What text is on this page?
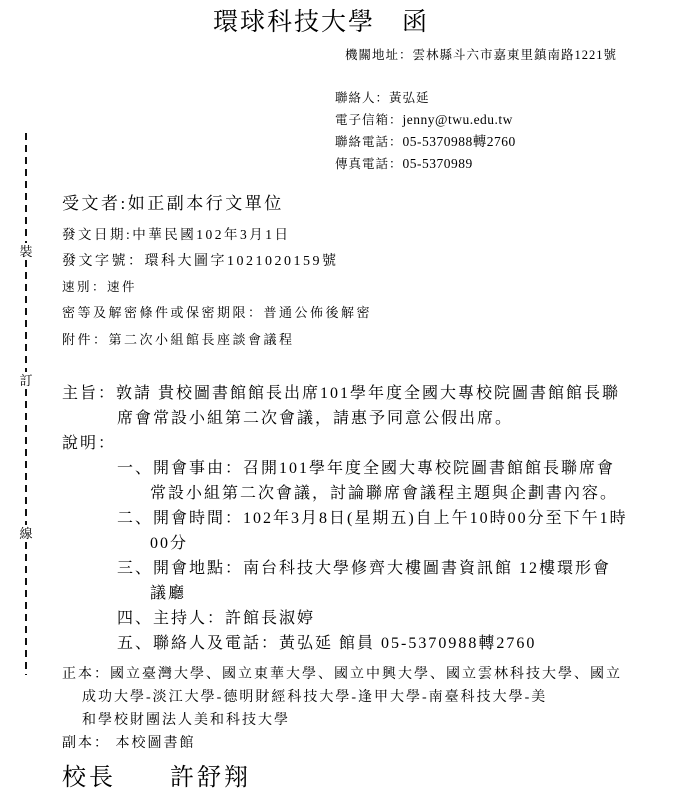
裝
訂
線
環球科技大學　函
機關地址：雲林縣斗六市嘉東里鎮南路1221號
聯絡人：黃弘延
電子信箱：jenny@twu.edu.tw
聯絡電話：05-5370988轉2760
傳真電話：05-5370989
受文者:如正副本行文單位
發文日期:中華民國102年3月1日
發文字號：環科大圖字1021020159號
速別：速件
密等及解密條件或保密期限：普通公佈後解密
附件：第二次小組館長座談會議程
主旨：敦請 貴校圖書館館長出席101學年度全國大專校院圖書館館長聯
席會常設小組第二次會議，請惠予同意公假出席。
說明：
一、開會事由：召開101學年度全國大專校院圖書館館長聯席會
常設小組第二次會議，討論聯席會議程主題與企劃書內容。
二、開會時間：102年3月8日(星期五)自上午10時00分至下午1時
00分
三、開會地點：南台科技大學修齊大樓圖書資訊館 12樓環形會
議廳
四、主持人：許館長淑婷
五、聯絡人及電話：黃弘延 館員 05-5370988轉2760
正本：國立臺灣大學、國立東華大學、國立中興大學、國立雲林科技大學、國立
成功大學-淡江大學-德明財經科技大學-逢甲大學-南臺科技大學-美
和學校財團法人美和科技大學
副本： 本校圖書館
校長　　許舒翔
